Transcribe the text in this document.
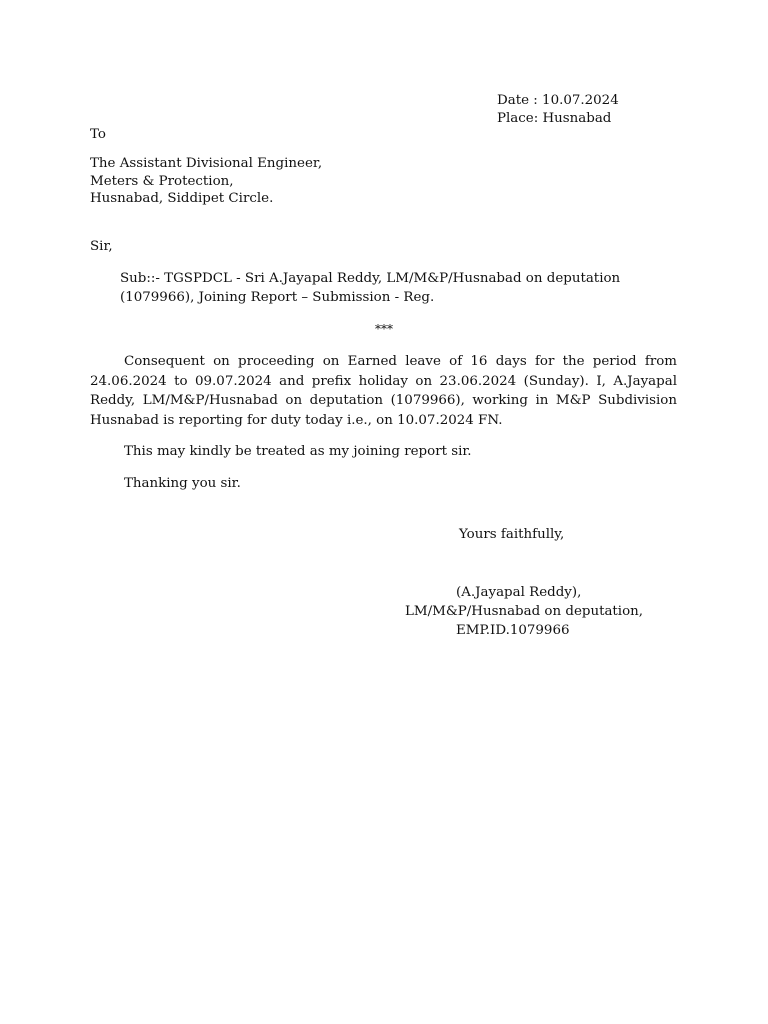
Date : 10.07.2024
Place: Husnabad
To
The Assistant Divisional Engineer,
Meters & Protection,
Husnabad, Siddipet Circle.
Sir,
Sub::- TGSPDCL - Sri A.Jayapal Reddy, LM/M&P/Husnabad on deputation
(1079966), Joining Report – Submission - Reg.
***

Consequent on proceeding on Earned leave of 16 days for the period from 24.06.2024 to 09.07.2024 and prefix holiday on 23.06.2024 (Sunday). I, A.Jayapal Reddy, LM/M&P/Husnabad on deputation (1079966), working in M&P Subdivision Husnabad is reporting for duty today i.e., on 10.07.2024 FN.

This may kindly be treated as my joining report sir.
Thanking you sir.
Yours faithfully,
(A.Jayapal Reddy),
LM/M&P/Husnabad on deputation,
EMP.ID.1079966
